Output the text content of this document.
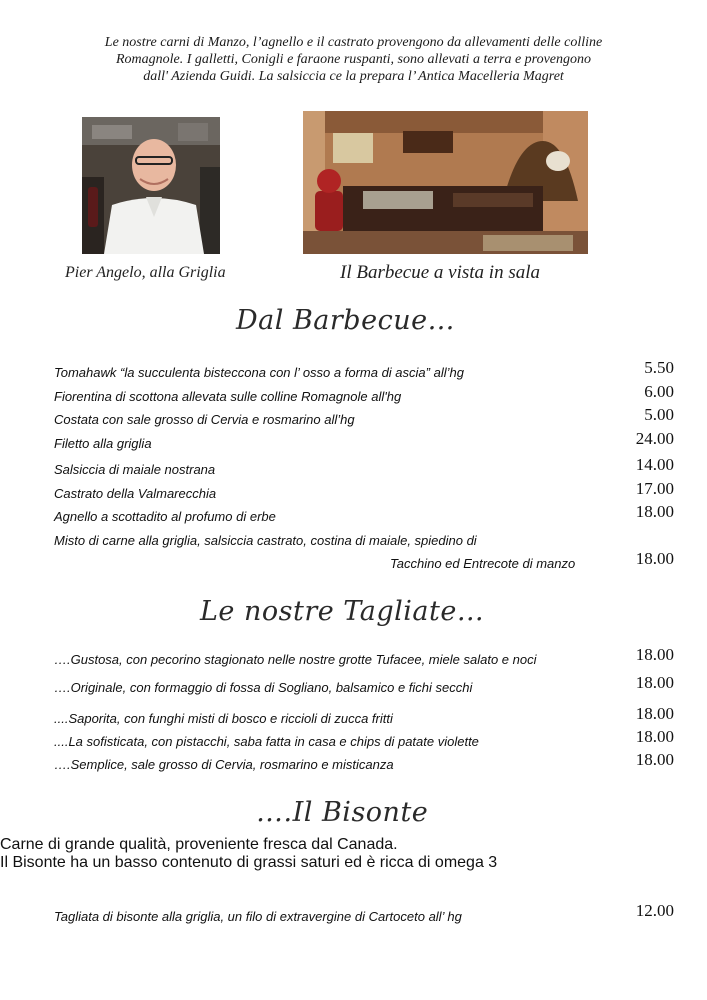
Le nostre carni di Manzo, l’agnello e il castrato provengono da allevamenti delle colline
Romagnole. I galletti, Conigli e faraone ruspanti, sono allevati a terra e provengono
dall' Azienda Guidi. La salsiccia ce la prepara l’ Antica Macelleria Magret
Pier Angelo, alla Griglia	Il Barbecue a vista in sala
Dal Barbecue…
Tomahawk “la succulenta bisteccona con l’ osso a forma di ascia” all’hg	5.50
Fiorentina di scottona allevata sulle colline Romagnole all'hg	6.00
Costata con sale grosso di Cervia e rosmarino all’hg	5.00
Filetto alla griglia	24.00
Salsiccia di maiale nostrana	14.00
Castrato della Valmarecchia	17.00
Agnello a scottadito al profumo di erbe	18.00
Misto di carne alla griglia, salsiccia castrato, costina di maiale, spiedino di
Tacchino ed Entrecote di manzo	18.00
Le nostre Tagliate…
….Gustosa, con pecorino stagionato nelle nostre grotte Tufacee, miele salato e noci	18.00
….Originale, con formaggio di fossa di Sogliano, balsamico e fichi secchi	18.00
....Saporita, con funghi misti di bosco e riccioli di zucca fritti	18.00
....La sofisticata, con pistacchi, saba fatta in casa e chips di patate violette	18.00
….Semplice, sale grosso di Cervia, rosmarino e misticanza	18.00
….Il Bisonte
Carne di grande qualità, proveniente fresca dal Canada.
Il Bisonte ha un basso contenuto di grassi saturi ed è ricca di omega 3
Tagliata di bisonte alla griglia, un filo di extravergine di Cartoceto all’ hg	12.00
